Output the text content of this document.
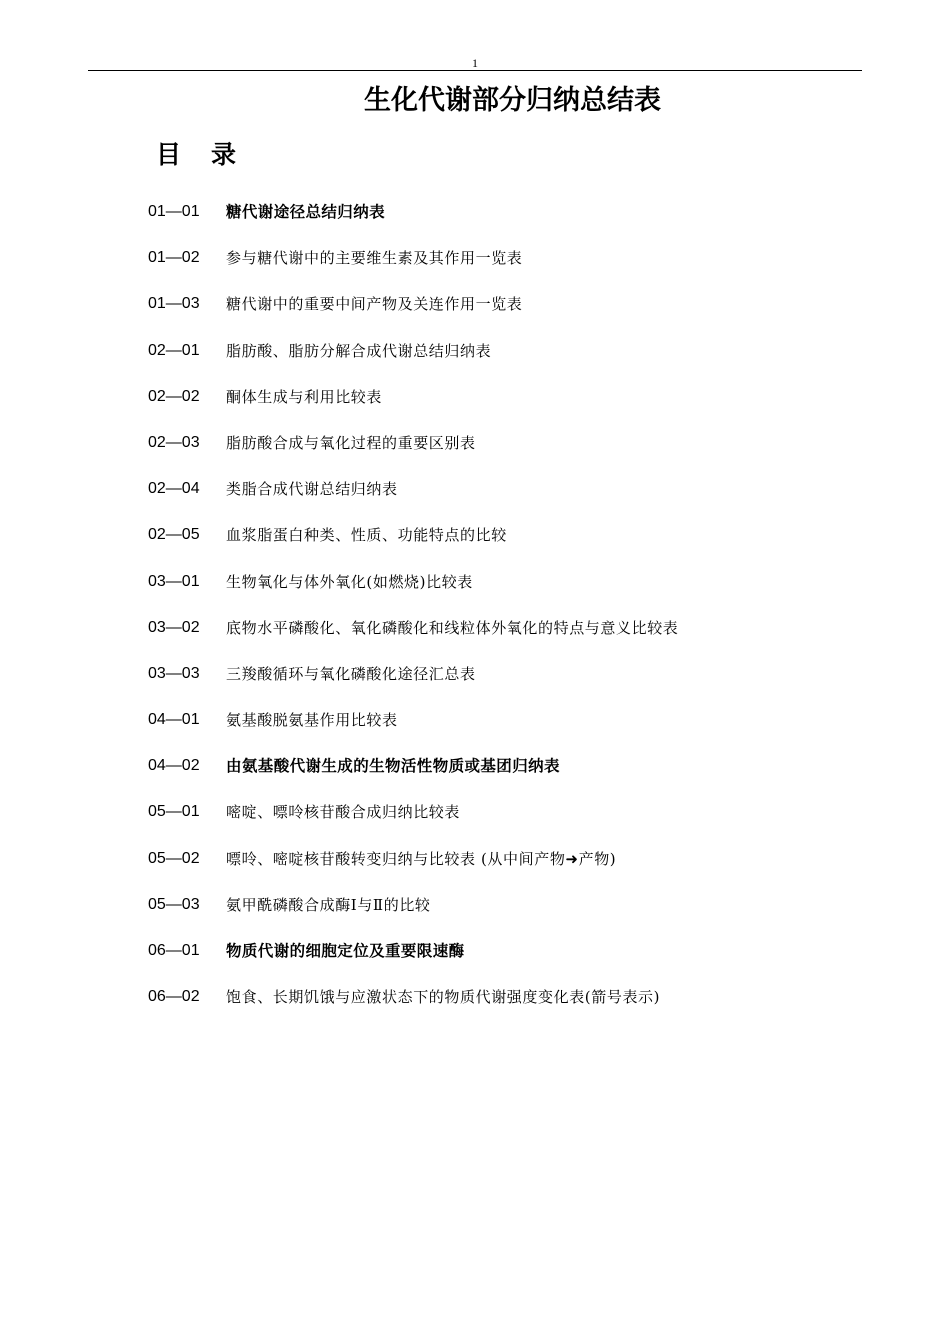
1
生化代谢部分归纳总结表
目录
01—01	糖代谢途径总结归纳表
01—02	参与糖代谢中的主要维生素及其作用一览表
01—03	糖代谢中的重要中间产物及关连作用一览表
02—01	脂肪酸、脂肪分解合成代谢总结归纳表
02—02	酮体生成与利用比较表
02—03	脂肪酸合成与氧化过程的重要区别表
02—04	类脂合成代谢总结归纳表
02—05	血浆脂蛋白种类、性质、功能特点的比较
03—01	生物氧化与体外氧化(如燃烧)比较表
03—02	底物水平磷酸化、氧化磷酸化和线粒体外氧化的特点与意义比较表
03—03	三羧酸循环与氧化磷酸化途径汇总表
04—01	氨基酸脱氨基作用比较表
04—02	由氨基酸代谢生成的生物活性物质或基团归纳表
05—01	嘧啶、嘌呤核苷酸合成归纳比较表
05—02	嘌呤、嘧啶核苷酸转变归纳与比较表 (从中间产物➜产物)
05—03	氨甲酰磷酸合成酶Ⅰ与Ⅱ的比较
06—01	物质代谢的细胞定位及重要限速酶
06—02	饱食、长期饥饿与应激状态下的物质代谢强度变化表(箭号表示)
